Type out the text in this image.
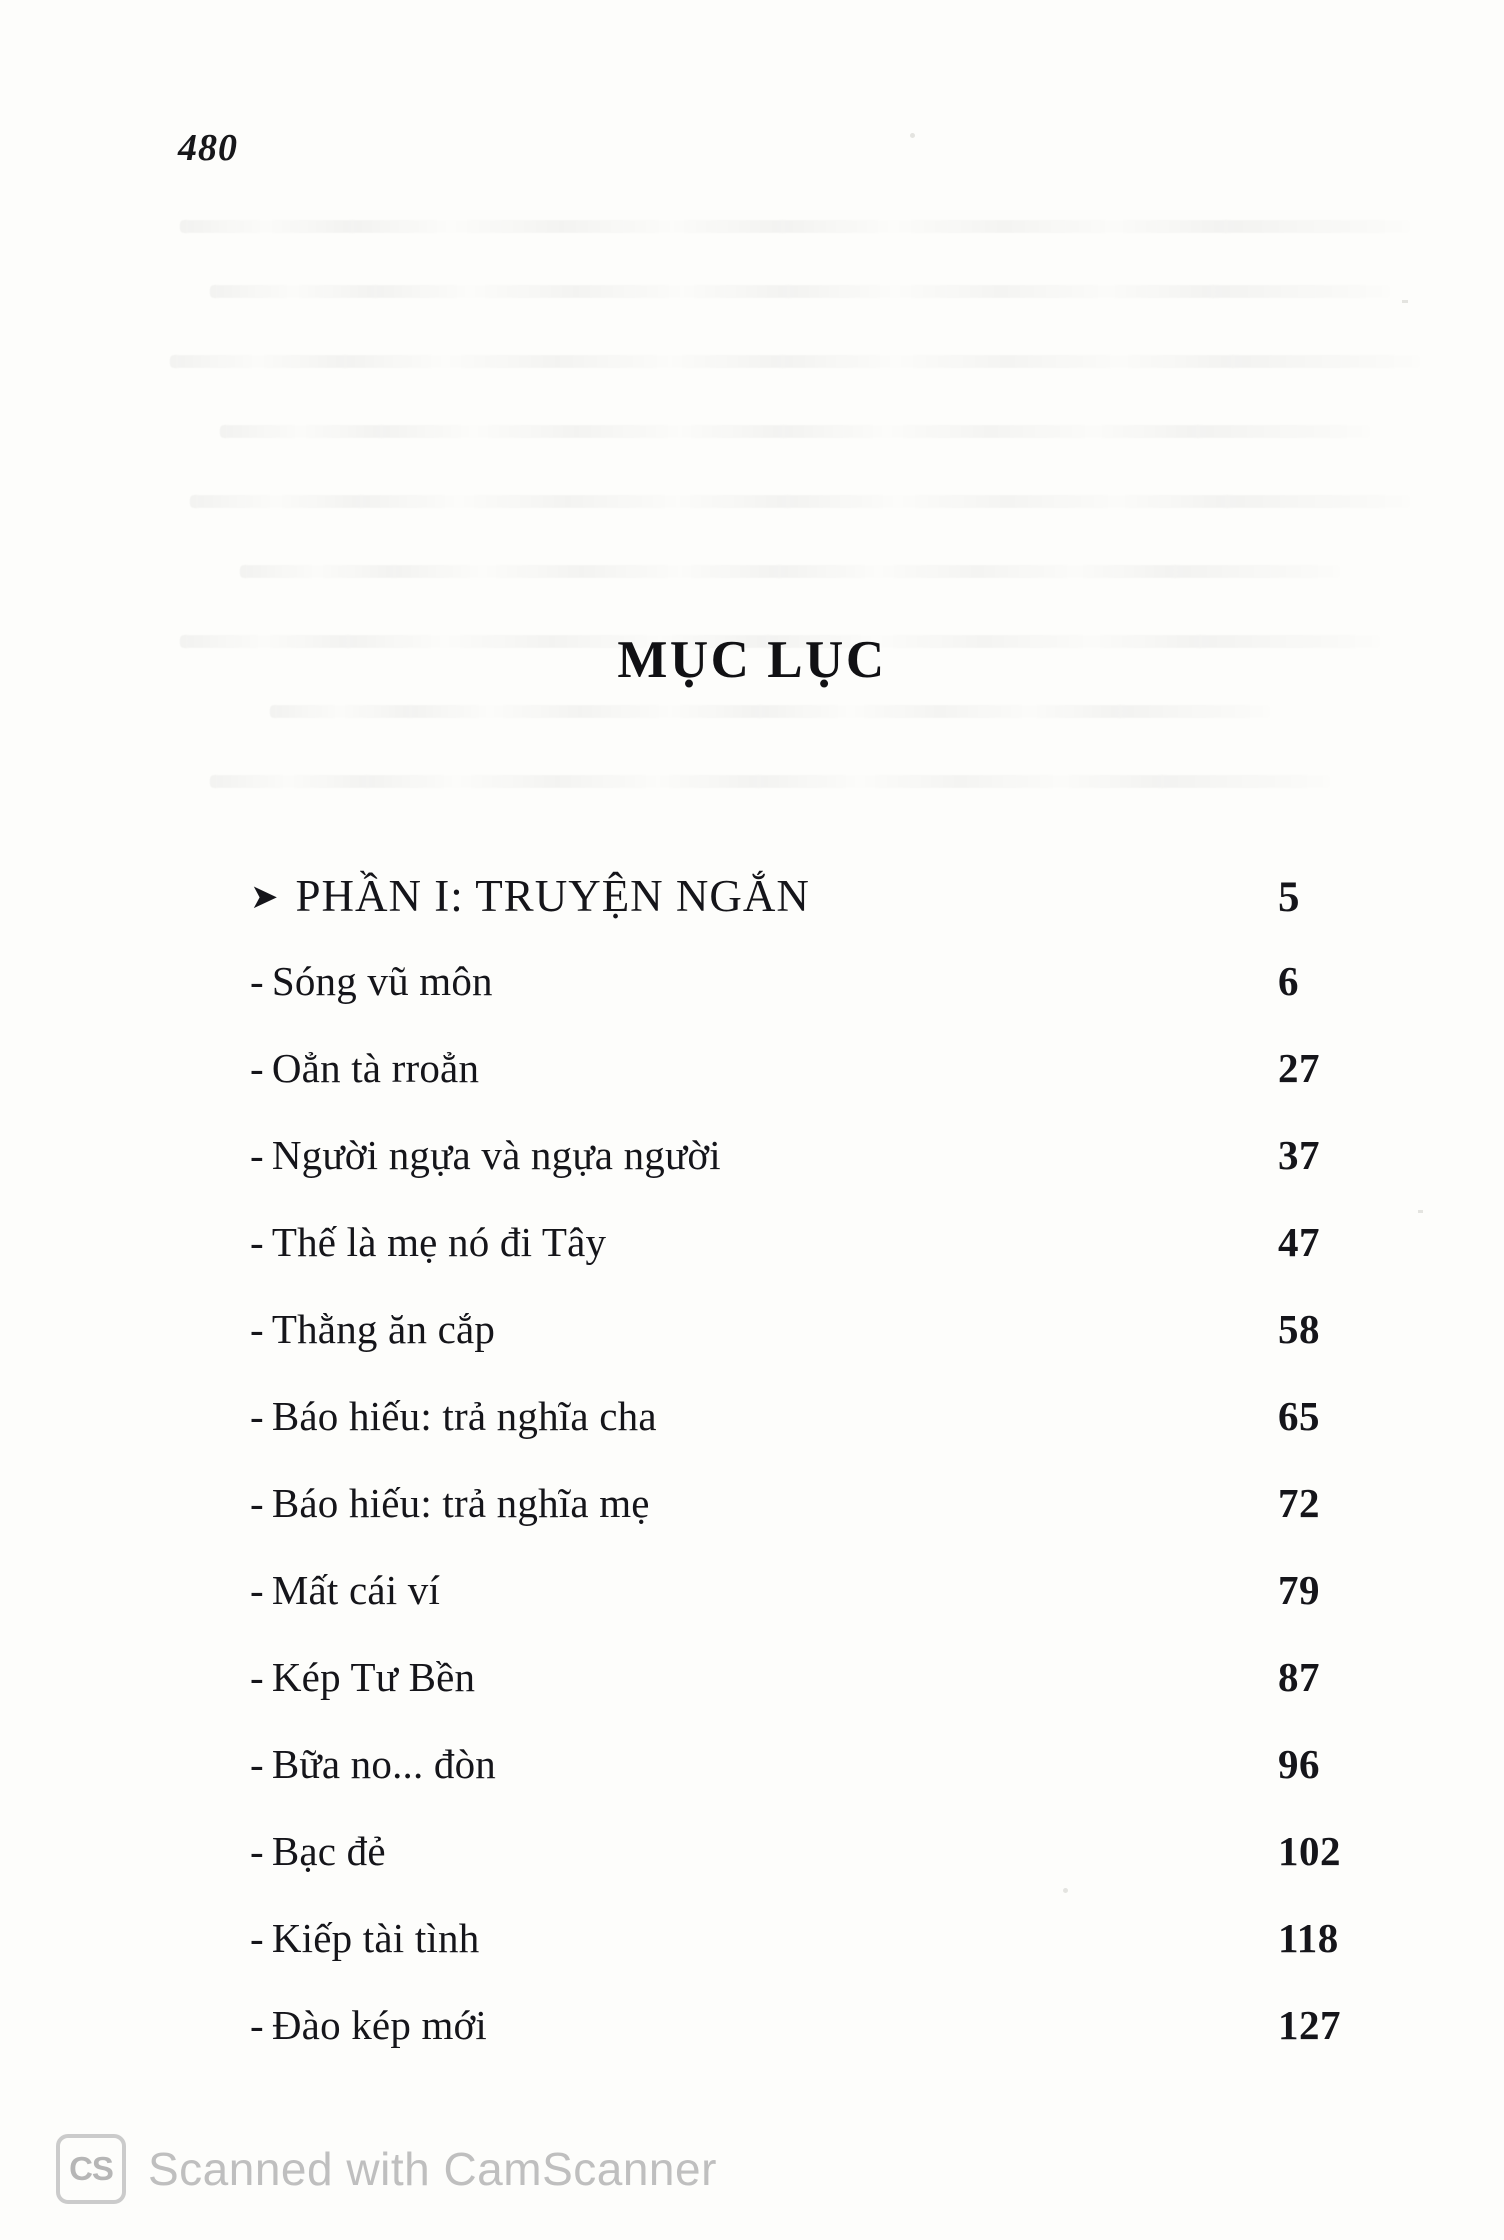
480
MỤC LỤC
➤ PHẦN I: TRUYỆN NGẮN	5
- Sóng vũ môn	6
- Oẳn tà rroẳn	27
- Người ngựa và ngựa người	37
- Thế là mẹ nó đi Tây	47
- Thằng ăn cắp	58
- Báo hiếu: trả nghĩa cha	65
- Báo hiếu: trả nghĩa mẹ	72
- Mất cái ví	79
- Kép Tư Bền	87
- Bữa no... đòn	96
- Bạc đẻ	102
- Kiếp tài tình	118
- Đào kép mới	127
CS Scanned with CamScanner
